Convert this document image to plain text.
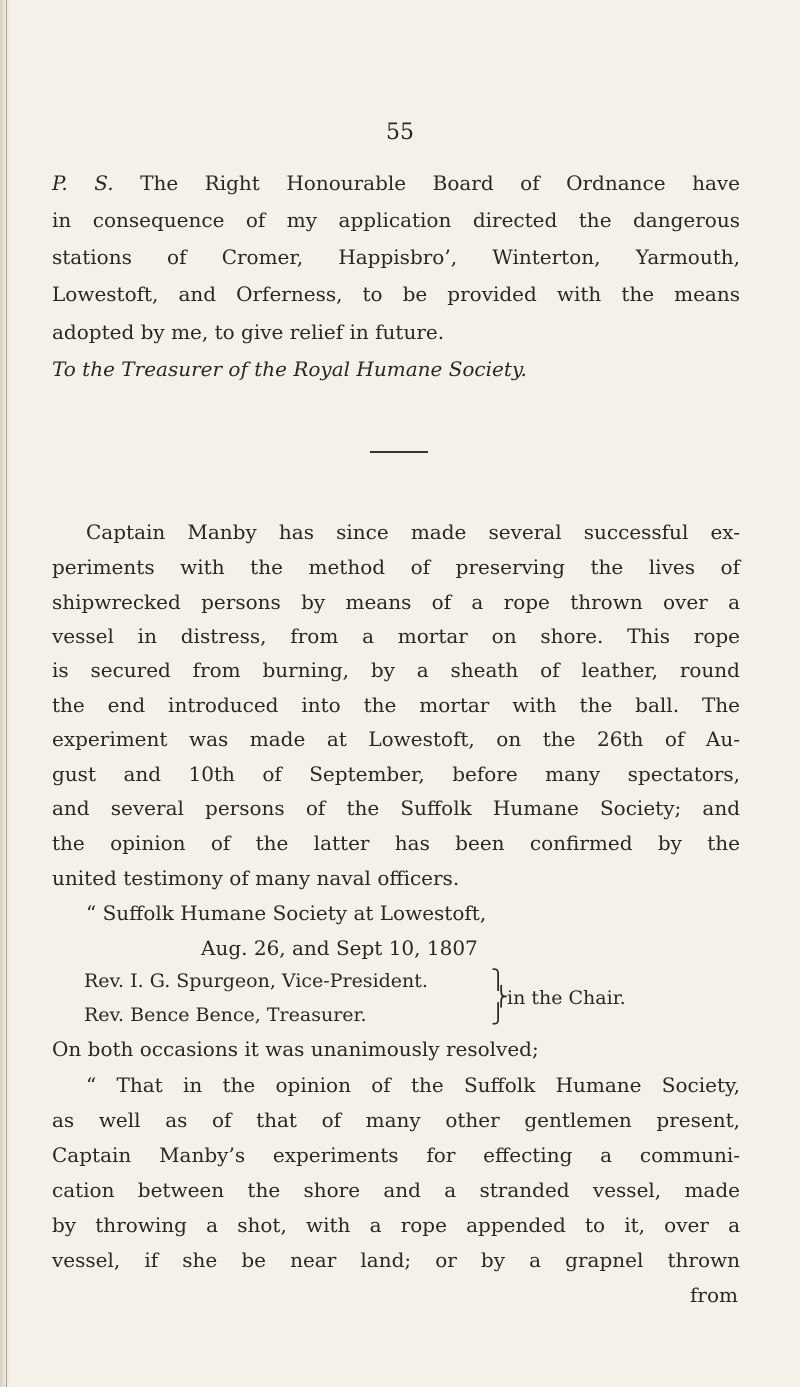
55
P. S. The Right Honourable Board of Ordnance have
in consequence of my application directed the dangerous
stations of Cromer, Happisbro’, Winterton, Yarmouth,
Lowestoft, and Orferness, to be provided with the means
adopted by me, to give relief in future.
To the Treasurer of the Royal Humane Society.
Captain Manby has since made several successful ex-
periments with the method of preserving the lives of
shipwrecked persons by means of a rope thrown over a
vessel in distress, from a mortar on shore. This rope
is secured from burning, by a sheath of leather, round
the end introduced into the mortar with the ball. The
experiment was made at Lowestoft, on the 26th of Au-
gust and 10th of September, before many spectators,
and several persons of the Suffolk Humane Society; and
the opinion of the latter has been confirmed by the
united testimony of many naval officers.
“ Suffolk Humane Society at Lowestoft,
Aug. 26, and Sept 10, 1807
Rev. I. G. Spurgeon, Vice-President.
Rev. Bence Bence, Treasurer.
⎫
⎬
⎭
in the Chair.
On both occasions it was unanimously resolved;
“ That in the opinion of the Suffolk Humane Society,
as well as of that of many other gentlemen present,
Captain Manby’s experiments for effecting a communi-
cation between the shore and a stranded vessel, made
by throwing a shot, with a rope appended to it, over a
vessel, if she be near land; or by a grapnel thrown
from
